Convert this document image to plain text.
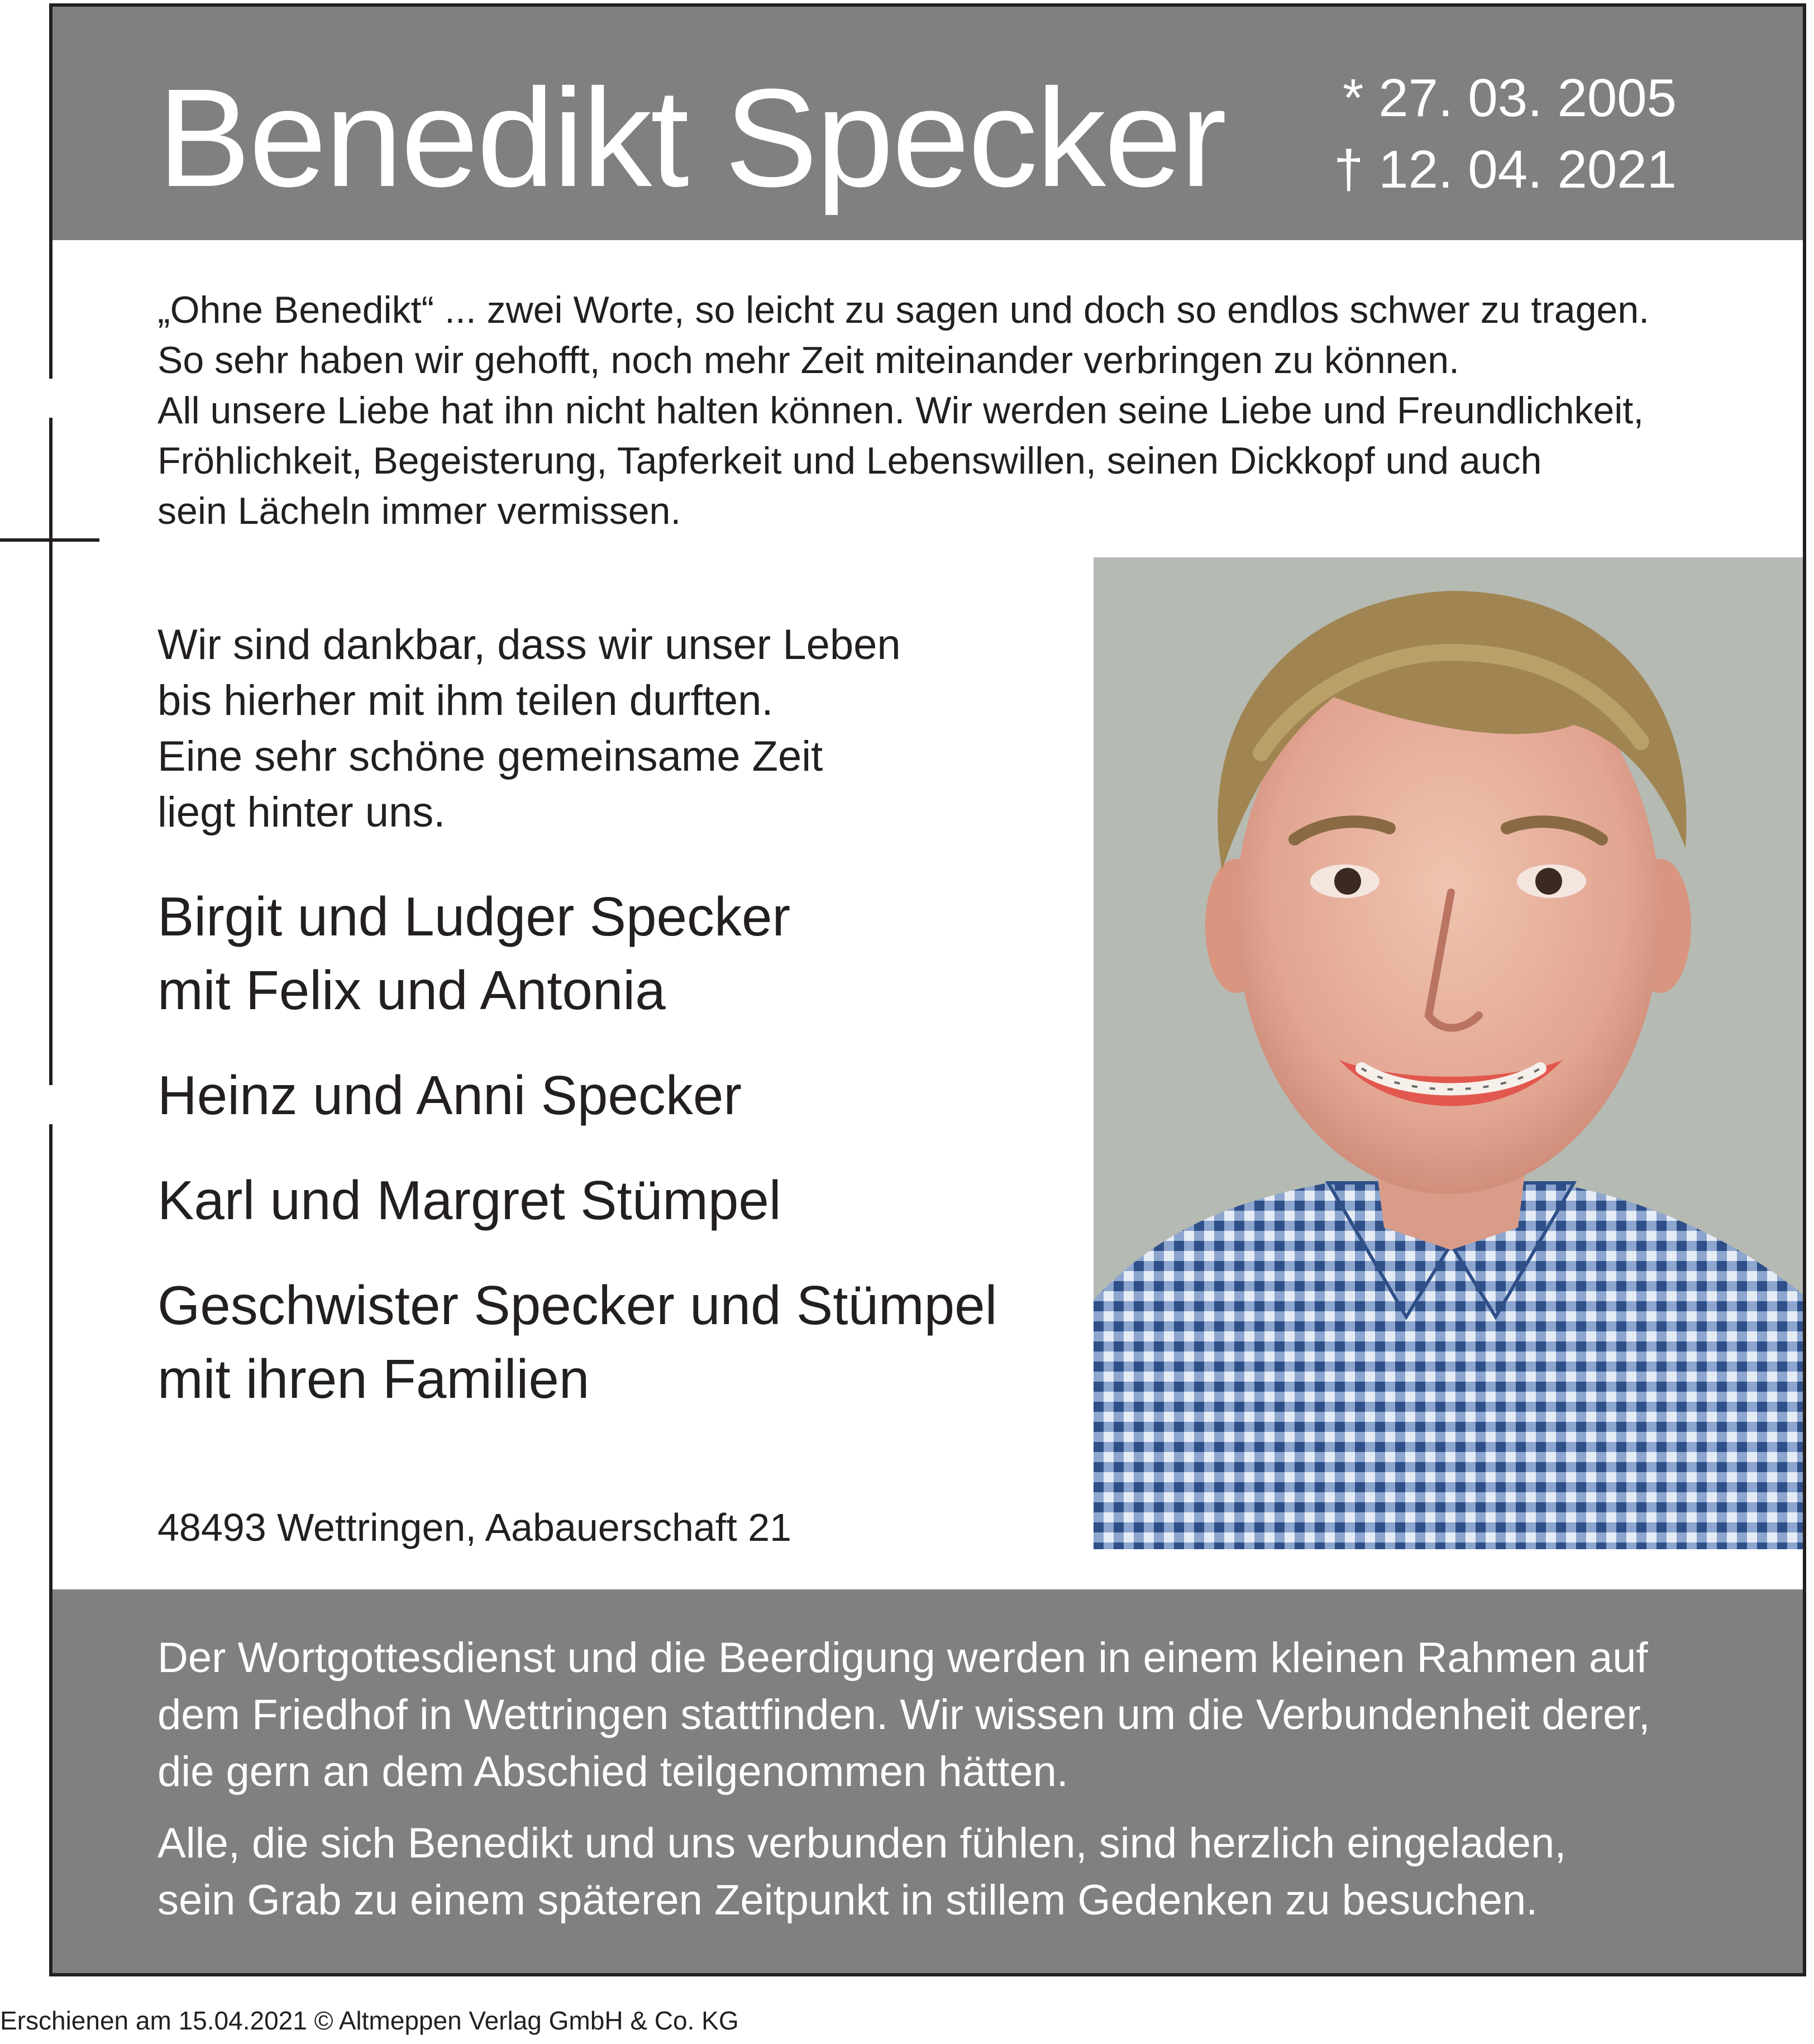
Benedikt Specker * 27. 03. 2005
† 12. 04. 2021
„Ohne Benedikt“ ... zwei Worte, so leicht zu sagen und doch so endlos schwer zu tragen.
So sehr haben wir gehofft, noch mehr Zeit miteinander verbringen zu können.
All unsere Liebe hat ihn nicht halten können. Wir werden seine Liebe und Freundlichkeit,
Fröhlichkeit, Begeisterung, Tapferkeit und Lebenswillen, seinen Dickkopf und auch
sein Lächeln immer vermissen.
Wir sind dankbar, dass wir unser Leben
bis hierher mit ihm teilen durften.
Eine sehr schöne gemeinsame Zeit
liegt hinter uns.
Birgit und Ludger Specker
mit Felix und Antonia
Heinz und Anni Specker
Karl und Margret Stümpel
Geschwister Specker und Stümpel
mit ihren Familien
48493 Wettringen, Aabauerschaft 21
Der Wortgottesdienst und die Beerdigung werden in einem kleinen Rahmen auf
dem Friedhof in Wettringen stattfinden. Wir wissen um die Verbundenheit derer,
die gern an dem Abschied teilgenommen hätten.
Alle, die sich Benedikt und uns verbunden fühlen, sind herzlich eingeladen,
sein Grab zu einem späteren Zeitpunkt in stillem Gedenken zu besuchen.
Erschienen am 15.04.2021 © Altmeppen Verlag GmbH & Co. KG
